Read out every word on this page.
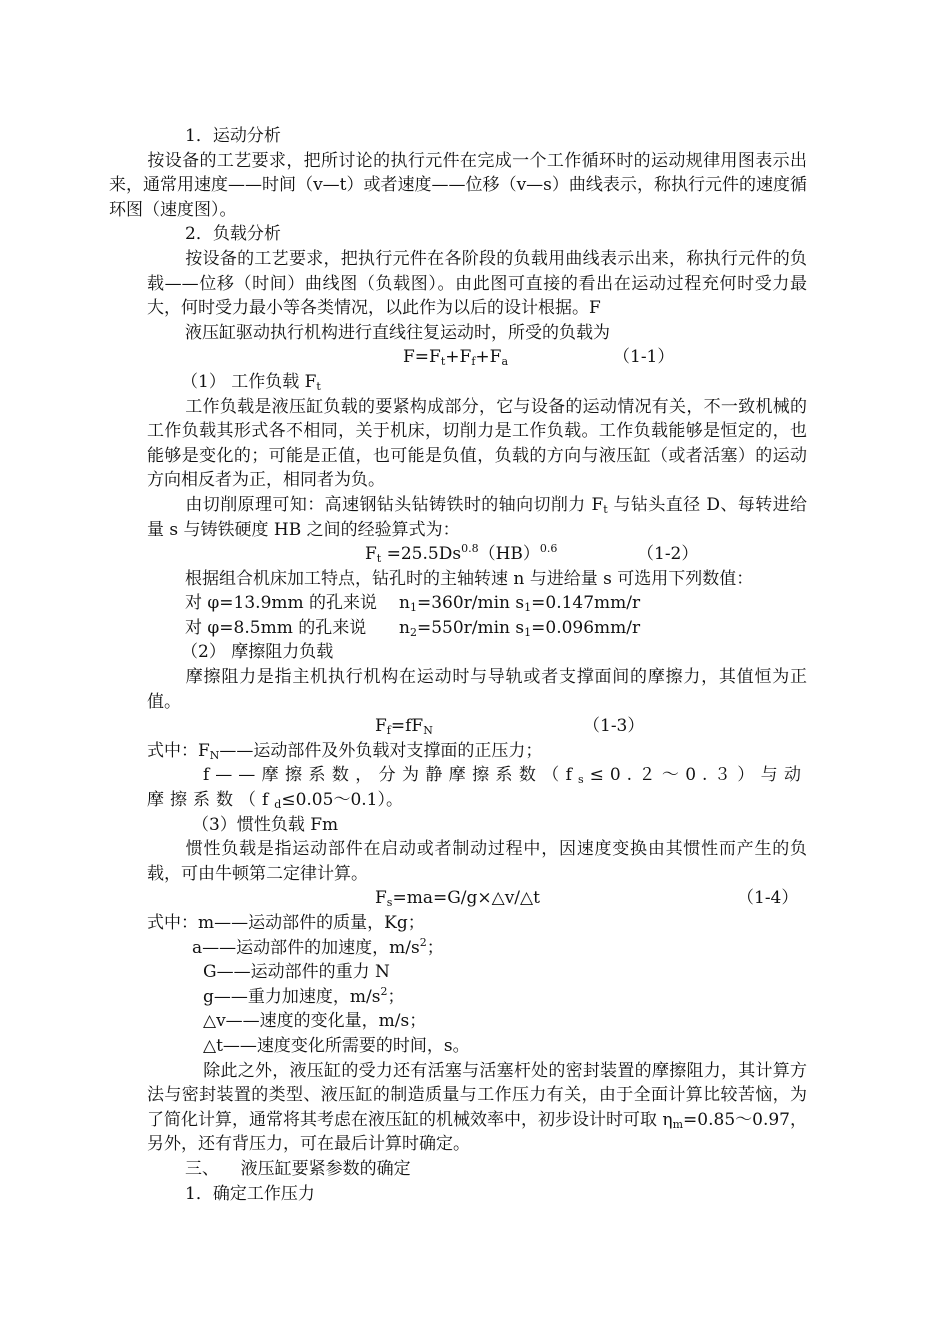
1．运动分析

按设备的工艺要求，把所讨论的执行元件在完成一个工作循环时的运动规律用图表示出来，通常用速度——时间（v—t）或者速度——位移（v—s）曲线表示，称执行元件的速度循环图（速度图）。

2．负载分析

按设备的工艺要求，把执行元件在各阶段的负载用曲线表示出来，称执行元件的负载——位移（时间）曲线图（负载图）。由此图可直接的看出在运动过程充何时受力最大，何时受力最小等各类情况，以此作为以后的设计根据。F

液压缸驱动执行机构进行直线往复运动时，所受的负载为

$F=F_t+F_f+F_a$	（1-1）

（1） 工作负载 $F_t$

工作负载是液压缸负载的要紧构成部分，它与设备的运动情况有关，不一致机械的工作负载其形式各不相同，关于机床，切削力是工作负载。工作负载能够是恒定的，也能够是变化的；可能是正值，也可能是负值，负载的方向与液压缸（或者活塞）的运动方向相反者为正，相同者为负。

由切削原理可知：高速钢钻头钻铸铁时的轴向切削力 $F_t$ 与钻头直径 D、每转进给量 s 与铸铁硬度 HB 之间的经验算式为：

$F_t =25.5Ds^{0.8}(HB)^{0.6}$	（1-2）

根据组合机床加工特点，钻孔时的主轴转速 n 与进给量 s 可选用下列数值：

对 φ=13.9mm 的孔来说 $n_1=360r/\min$ $s_1=0.147mm/r$
对 φ=8.5mm 的孔来说 $n_2=550r/\min$ $s_1=0.096mm/r$

（2） 摩擦阻力负载

摩擦阻力是指主机执行机构在运动时与导轨或者支撑面间的摩擦力，其值恒为正值。

$F_f=fF_N$	（1-3）

式中：$F_N——$运动部件及外负载对支撑面的正压力；

f——摩擦系数，分为静摩擦系数$(f_s\le 0.2\sim 0.3)$与动摩擦系数$(f_d\le 0.05\sim 0.1)$。

（3）惯性负载 Fm

惯性负载是指运动部件在启动或者制动过程中，因速度变换由其惯性而产生的负载，可由牛顿第二定律计算。

$F_s=ma=G/g\times\triangle v/\triangle t$	（1-4）

式中：m——运动部件的质量，Kg；

a——运动部件的加速度，$m/s^2$；

G——运动部件的重力 N

g——重力加速度，$m/s^2$；

△v——速度的变化量，m/s；

△t——速度变化所需要的时间，s。

除此之外，液压缸的受力还有活塞与活塞杆处的密封装置的摩擦阻力，其计算方法与密封装置的类型、液压缸的制造质量与工作压力有关，由于全面计算比较苦恼，为了简化计算，通常将其考虑在液压缸的机械效率中，初步设计时可取 $\eta_m=0.85\sim 0.97$，另外，还有背压力，可在最后计算时确定。

三、    液压缸要紧参数的确定

1．确定工作压力
